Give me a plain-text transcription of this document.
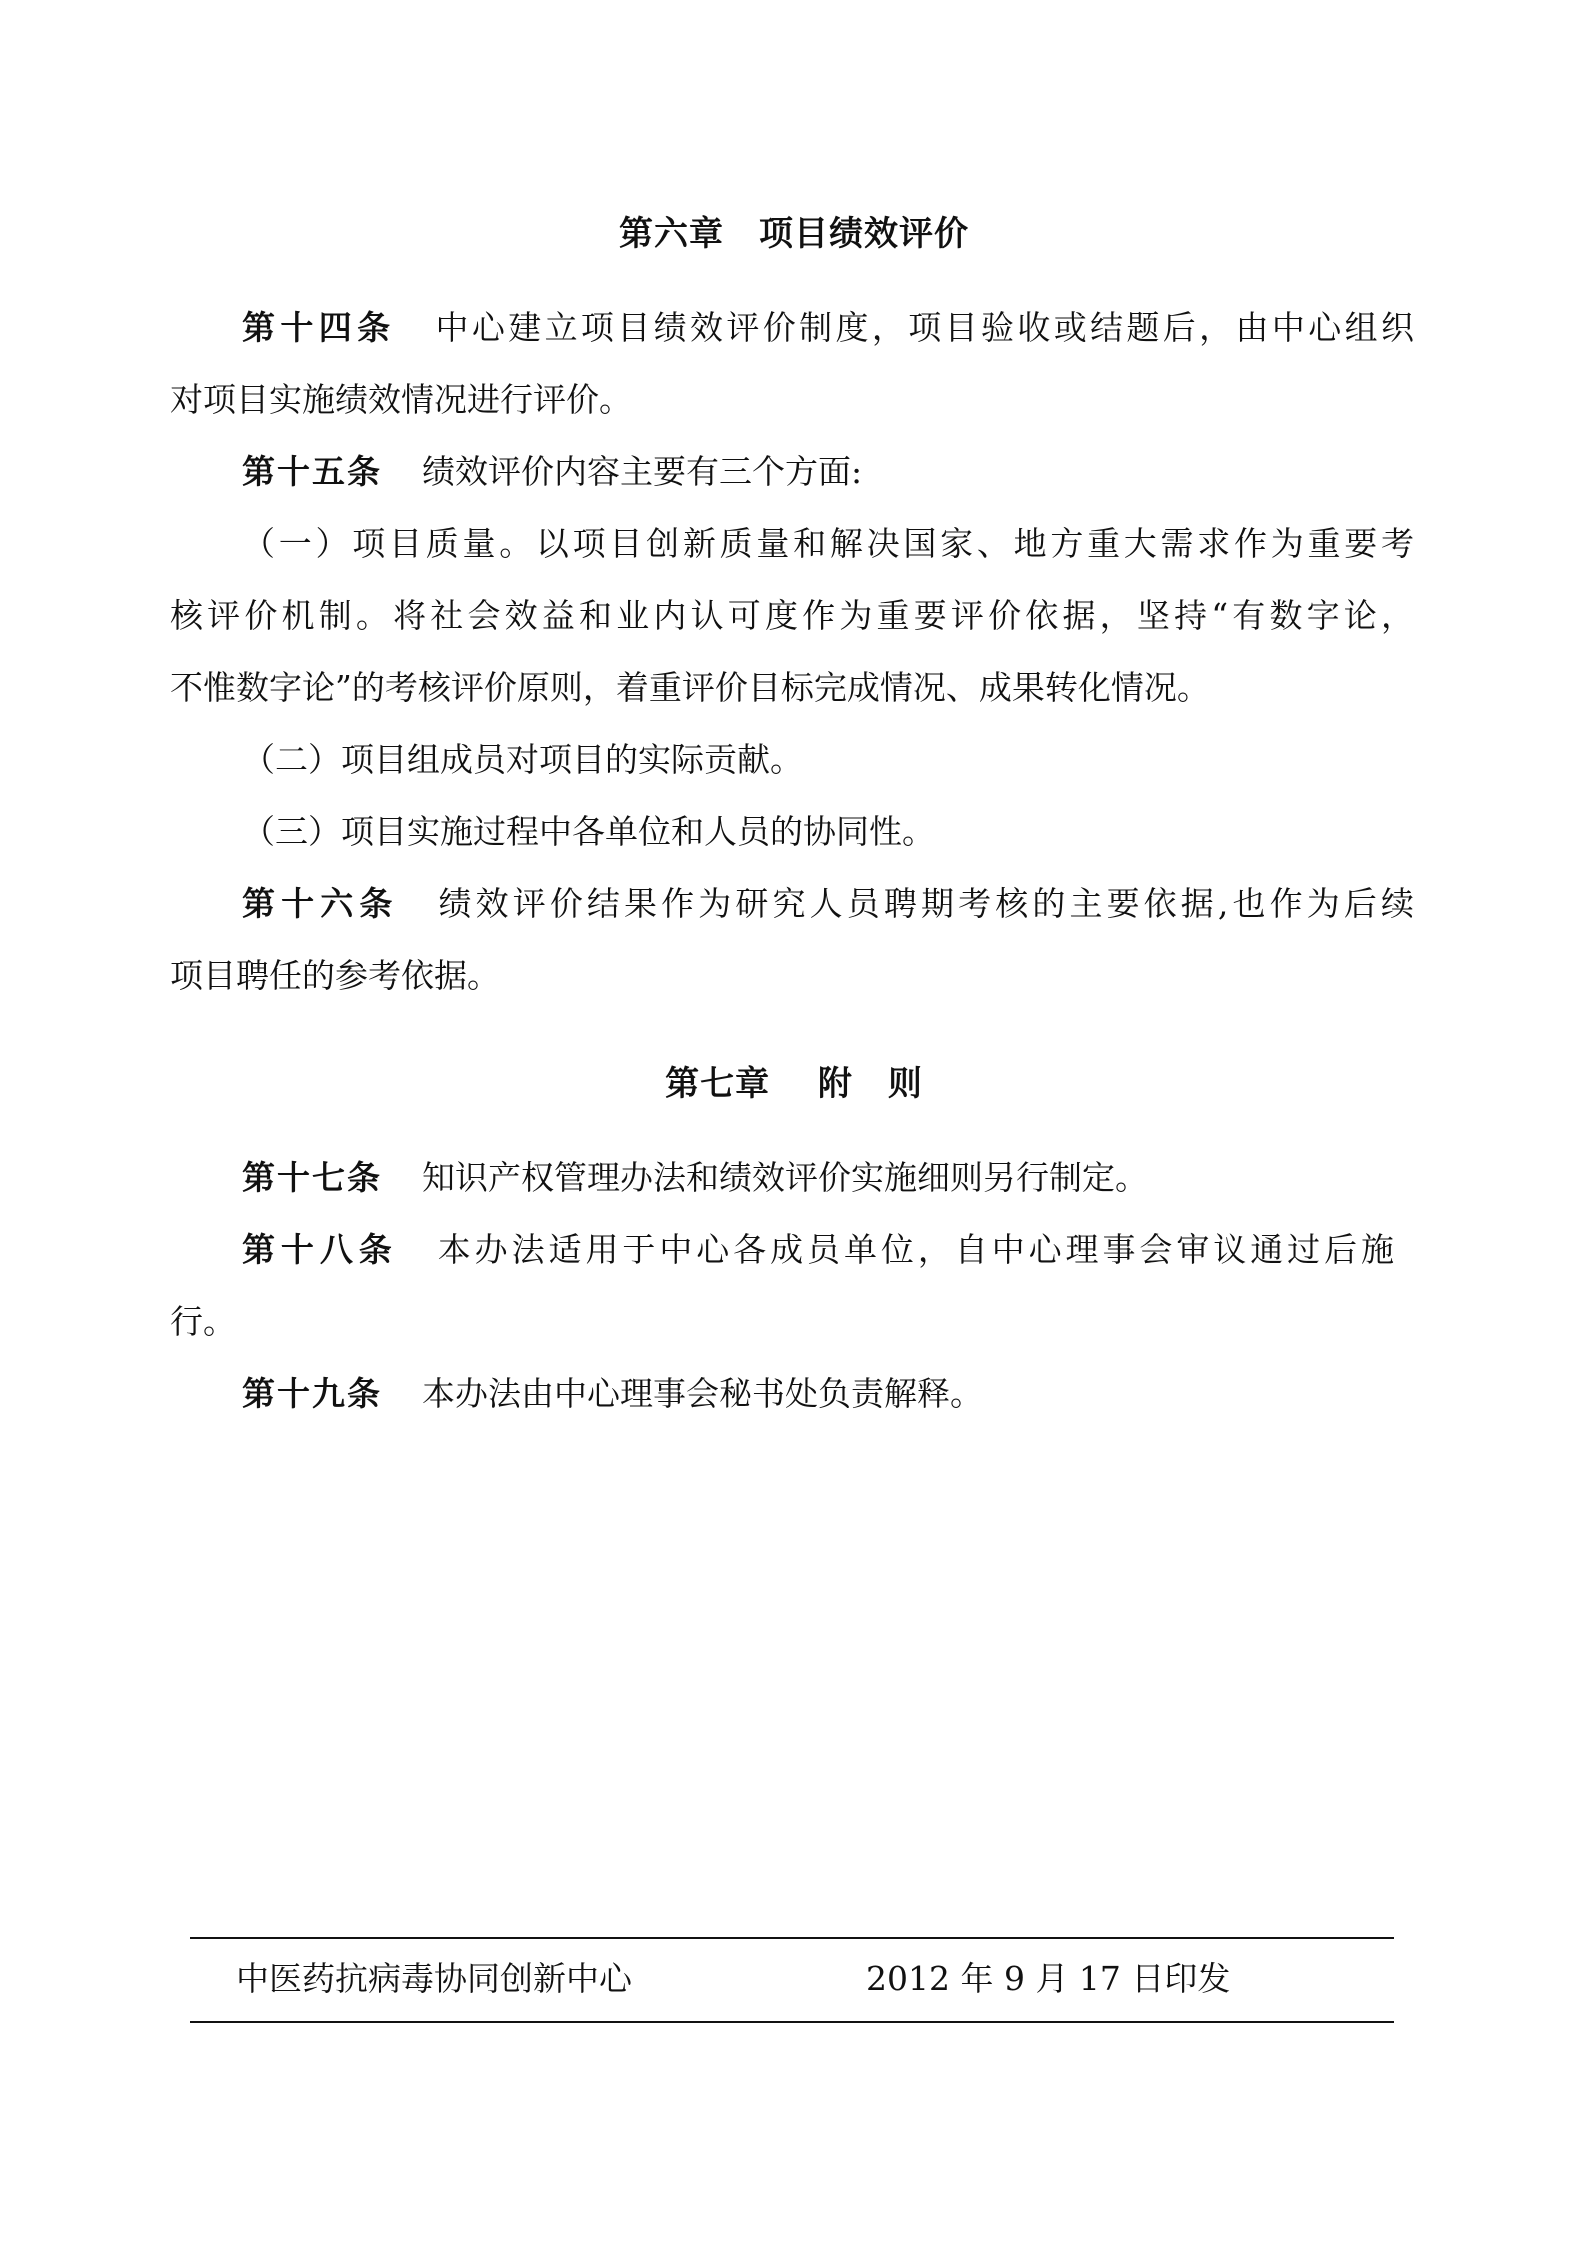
第六章　项目绩效评价
第十四条 中心建立项目绩效评价制度，项目验收或结题后，由中心组织
对项目实施绩效情况进行评价。
第十五条 绩效评价内容主要有三个方面:
（一）项目质量。以项目创新质量和解决国家、地方重大需求作为重要考
核评价机制。将社会效益和业内认可度作为重要评价依据，坚持“有数字论，
不惟数字论”的考核评价原则，着重评价目标完成情况、成果转化情况。
（二）项目组成员对项目的实际贡献。
（三）项目实施过程中各单位和人员的协同性。
第十六条 绩效评价结果作为研究人员聘期考核的主要依据,也作为后续
项目聘任的参考依据。
第七章　 附　则
第十七条 知识产权管理办法和绩效评价实施细则另行制定。
第十八条 本办法适用于中心各成员单位，自中心理事会审议通过后施
行。
第十九条 本办法由中心理事会秘书处负责解释。
中医药抗病毒协同创新中心	2012 年 9 月 17 日印发
